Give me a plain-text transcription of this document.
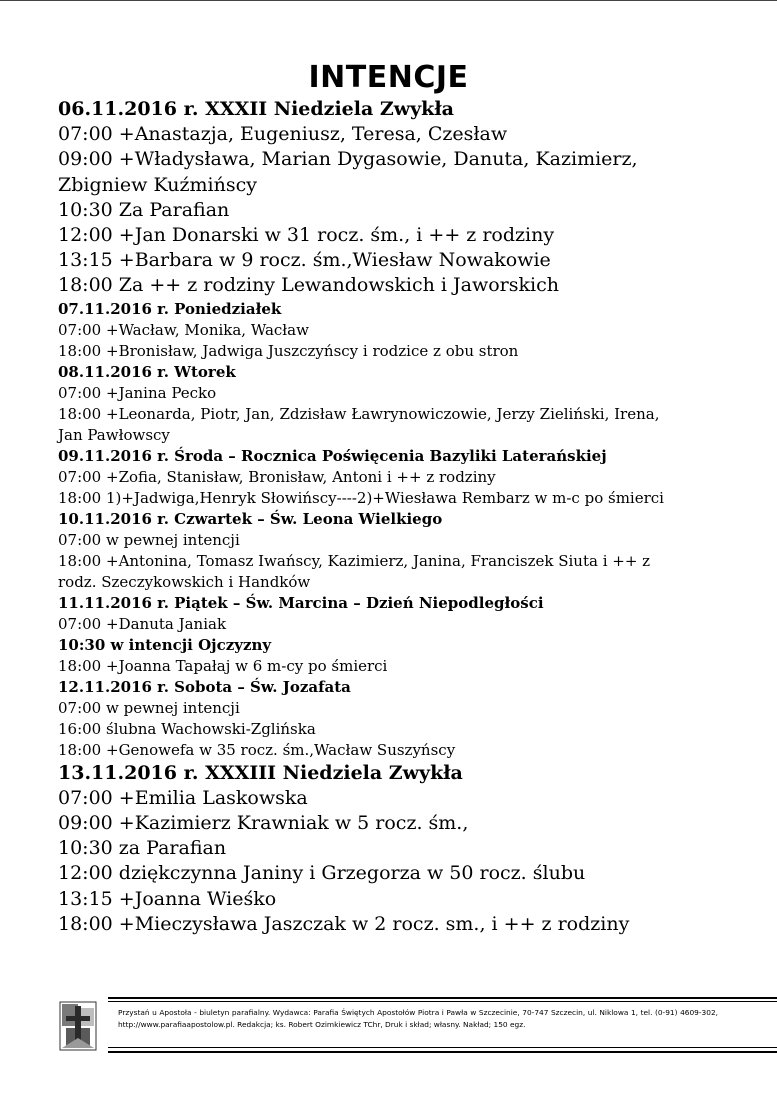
INTENCJE
06.11.2016 r. XXXII Niedziela Zwykła
07:00 +Anastazja, Eugeniusz, Teresa, Czesław
09:00 +Władysława, Marian Dygasowie, Danuta, Kazimierz,
Zbigniew Kuźmińscy
10:30 Za Parafian
12:00 +Jan Donarski w 31 rocz. śm., i ++ z rodziny
13:15 +Barbara w 9 rocz. śm.,Wiesław Nowakowie
18:00 Za ++ z rodziny Lewandowskich i Jaworskich
07.11.2016 r. Poniedziałek
07:00 +Wacław, Monika, Wacław
18:00 +Bronisław, Jadwiga Juszczyńscy i rodzice z obu stron
08.11.2016 r. Wtorek
07:00 +Janina Pecko
18:00 +Leonarda, Piotr, Jan, Zdzisław Ławrynowiczowie, Jerzy Zieliński, Irena,
Jan Pawłowscy
09.11.2016 r. Środa – Rocznica Poświęcenia Bazyliki Laterańskiej
07:00 +Zofia, Stanisław, Bronisław, Antoni i ++ z rodziny
18:00 1)+Jadwiga,Henryk Słowińscy----2)+Wiesława Rembarz w m-c po śmierci
10.11.2016 r. Czwartek – Św. Leona Wielkiego
07:00 w pewnej intencji
18:00 +Antonina, Tomasz Iwańscy, Kazimierz, Janina, Franciszek Siuta i ++ z
rodz. Szeczykowskich i Handków
11.11.2016 r. Piątek – Św. Marcina – Dzień Niepodległości
07:00 +Danuta Janiak
10:30 w intencji Ojczyzny
18:00 +Joanna Tapałaj w 6 m-cy po śmierci
12.11.2016 r. Sobota – Św. Jozafata
07:00 w pewnej intencji
16:00 ślubna Wachowski-Zglińska
18:00 +Genowefa w 35 rocz. śm.,Wacław Suszyńscy
13.11.2016 r. XXXIII Niedziela Zwykła
07:00 +Emilia Laskowska
09:00 +Kazimierz Krawniak w 5 rocz. śm.,
10:30 za Parafian
12:00 dziękczynna Janiny i Grzegorza w 50 rocz. ślubu
13:15 +Joanna Wieśko
18:00 +Mieczysława Jaszczak w 2 rocz. sm., i ++ z rodziny
Przystań u Apostoła - biuletyn parafialny. Wydawca: Parafia Świętych Apostołów Piotra i Pawła w Szczecinie, 70-747 Szczecin, ul. Niklowa 1, tel. (0-91) 4609-302, http://www.parafiaapostolow.pl. Redakcja; ks. Robert Ozimkiewicz TChr, Druk i skład; własny. Nakład; 150 egz.
